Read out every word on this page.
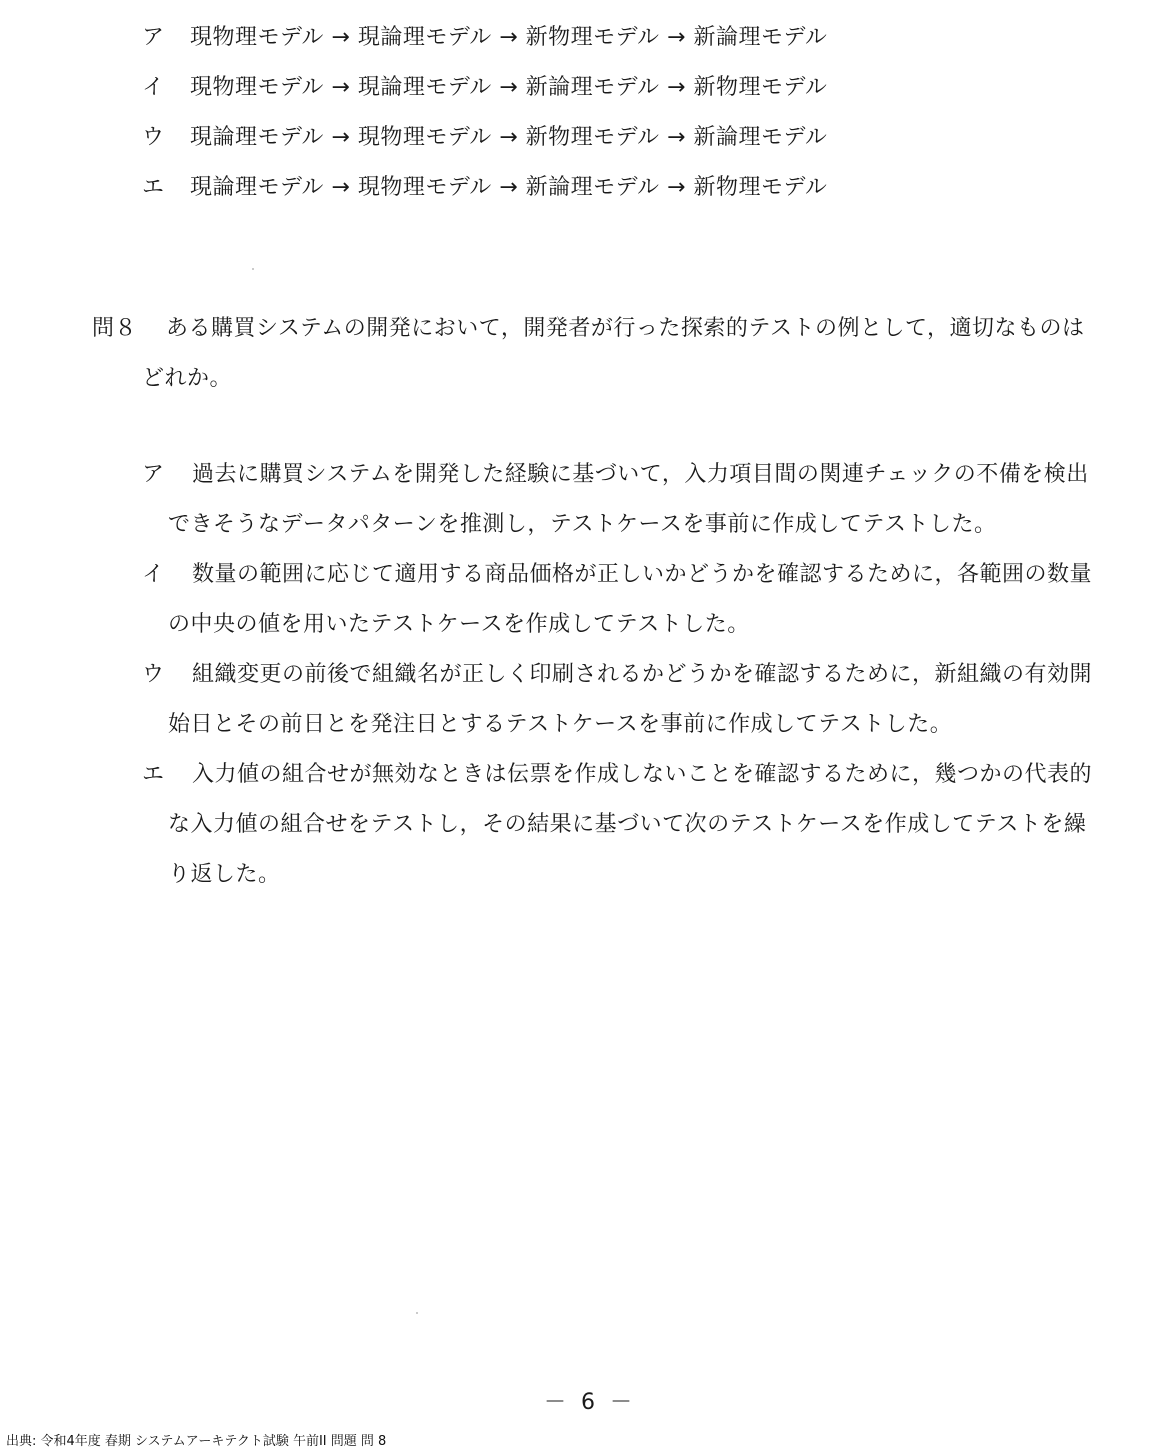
ア	現物理モデル → 現論理モデル → 新物理モデル → 新論理モデル
イ	現物理モデル → 現論理モデル → 新論理モデル → 新物理モデル
ウ	現論理モデル → 現物理モデル → 新物理モデル → 新論理モデル
エ	現論理モデル → 現物理モデル → 新論理モデル → 新物理モデル
問８	ある購買システムの開発において，開発者が行った探索的テストの例として，適切なものはどれか。
ア 過去に購買システムを開発した経験に基づいて，入力項目間の関連チェックの不備を検出できそうなデータパターンを推測し，テストケースを事前に作成してテストした。
イ 数量の範囲に応じて適用する商品価格が正しいかどうかを確認するために，各範囲の数量の中央の値を用いたテストケースを作成してテストした。
ウ 組織変更の前後で組織名が正しく印刷されるかどうかを確認するために，新組織の有効開始日とその前日とを発注日とするテストケースを事前に作成してテストした。
エ 入力値の組合せが無効なときは伝票を作成しないことを確認するために，幾つかの代表的な入力値の組合せをテストし，その結果に基づいて次のテストケースを作成してテストを繰り返した。
－ 6 －
出典: 令和4年度 春期 システムアーキテクト試験 午前II 問題 問 8
